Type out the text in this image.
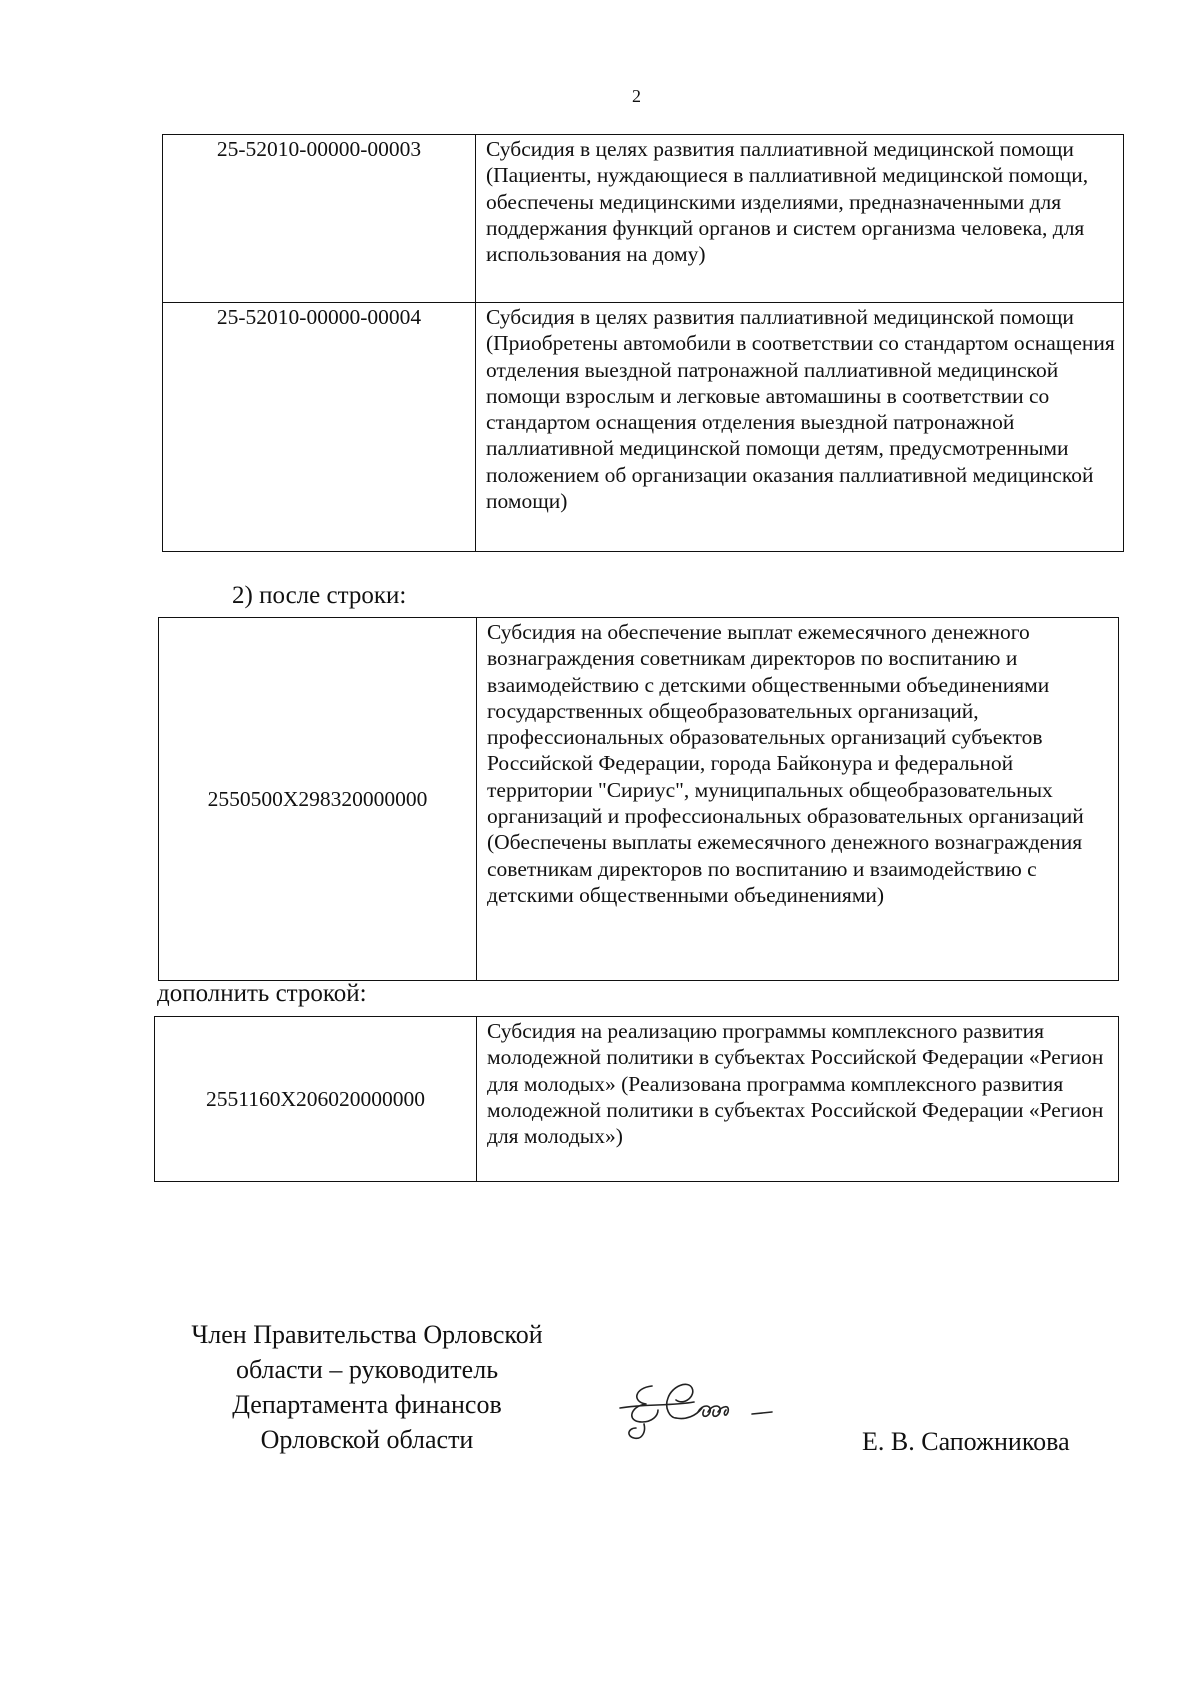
2
25-52010-00000-00003	Субсидия в целях развития паллиативной медицинской помощи (Пациенты, нуждающиеся в паллиативной медицинской помощи, обеспечены медицинскими изделиями, предназначенными для поддержания функций органов и систем организма человека, для использования на дому)
25-52010-00000-00004	Субсидия в целях развития паллиативной медицинской помощи (Приобретены автомобили в соответствии со стандартом оснащения отделения выездной патронажной паллиативной медицинской помощи взрослым и легковые автомашины в соответствии со стандартом оснащения отделения выездной патронажной паллиативной медицинской помощи детям, предусмотренными положением об организации оказания паллиативной медицинской помощи)
2) после строки:
2550500Х298320000000	Субсидия на обеспечение выплат ежемесячного денежного вознаграждения советникам директоров по воспитанию и взаимодействию с детскими общественными объединениями государственных общеобразовательных организаций, профессиональных образовательных организаций субъектов Российской Федерации, города Байконура и федеральной территории "Сириус", муниципальных общеобразовательных организаций и профессиональных образовательных организаций (Обеспечены выплаты ежемесячного денежного вознаграждения советникам директоров по воспитанию и взаимодействию с детскими общественными объединениями)
дополнить строкой:
2551160Х206020000000	Субсидия на реализацию программы комплексного развития молодежной политики в субъектах Российской Федерации «Регион для молодых» (Реализована программа комплексного развития молодежной политики в субъектах Российской Федерации «Регион для молодых»)
Член Правительства Орловской
области – руководитель
Департамента финансов
Орловской области	Е. В. Сапожникова
